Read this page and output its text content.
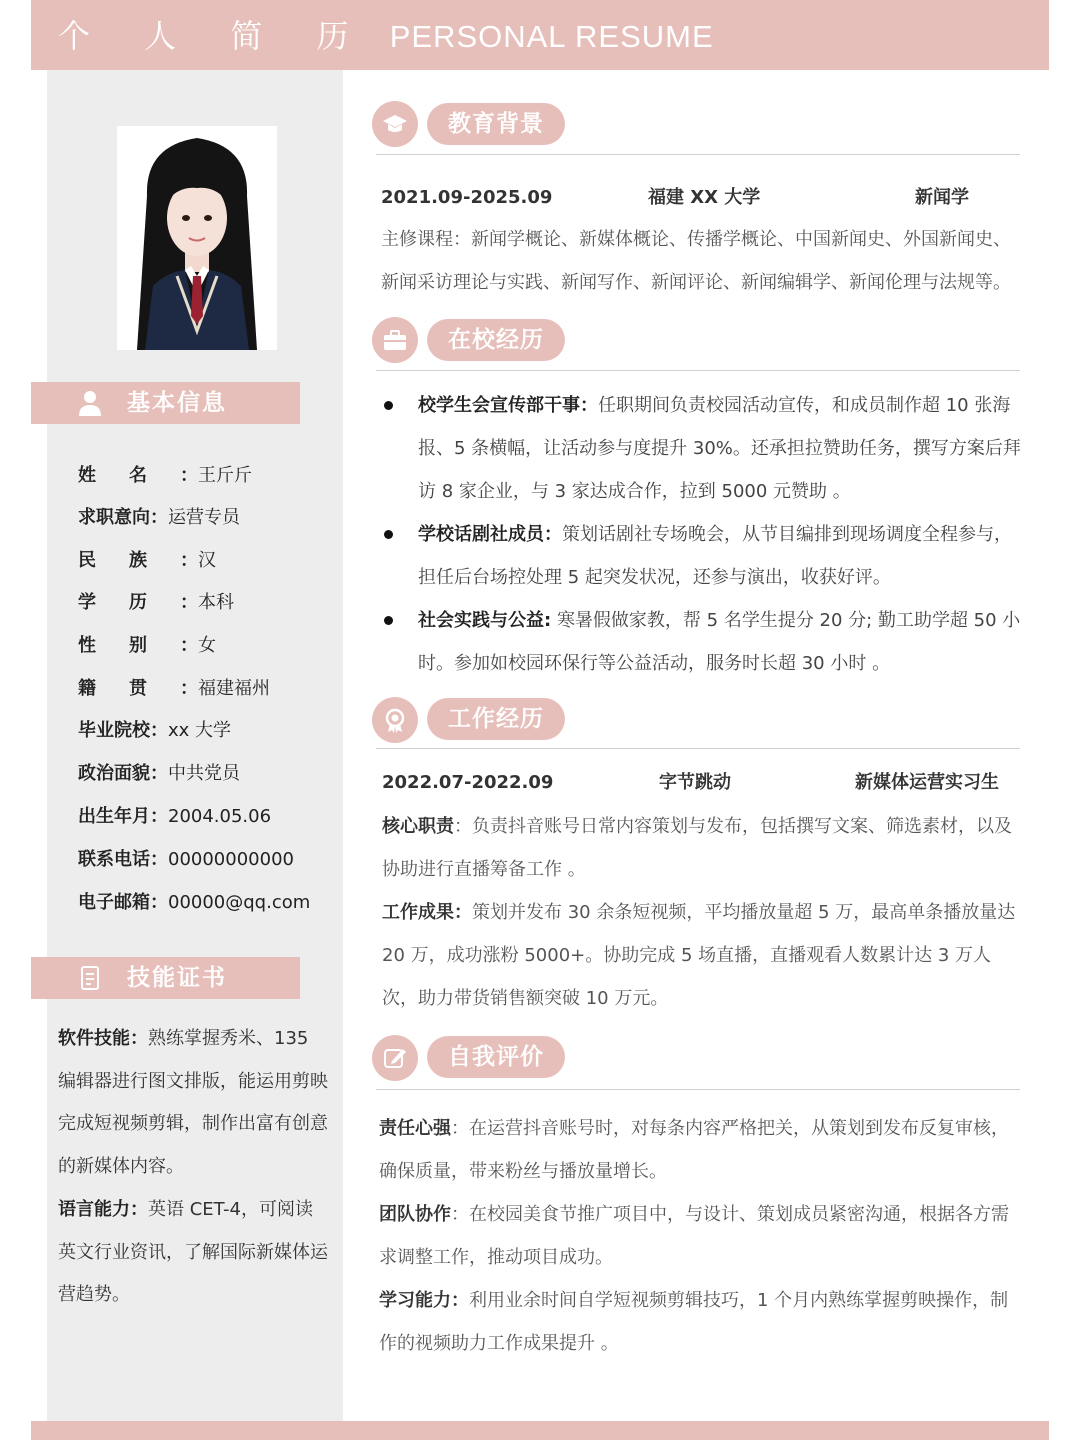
个 人 简 历 PERSONAL RESUME
基本信息
姓名：王斤斤
求职意向：运营专员
民族：汉
学历：本科
性别：女
籍贯：福建福州
毕业院校：xx 大学
政治面貌：中共党员
出生年月：2004.05.06
联系电话：00000000000
电子邮箱：00000@qq.com
技能证书

软件技能：熟练掌握秀米、135 编辑器进行图文排版，能运用剪映完成短视频剪辑，制作出富有创意的新媒体内容。

语言能力：英语 CET-4，可阅读英文行业资讯，了解国际新媒体运营趋势。

教育背景
2021.09-2025.09	福建 XX 大学	新闻学

主修课程：新闻学概论、新媒体概论、传播学概论、中国新闻史、外国新闻史、新闻采访理论与实践、新闻写作、新闻评论、新闻编辑学、新闻伦理与法规等。

在校经历
校学生会宣传部干事：任职期间负责校园活动宣传，和成员制作超 10 张海报、5 条横幅，让活动参与度提升 30%。还承担拉赞助任务，撰写方案后拜访 8 家企业，与 3 家达成合作，拉到 5000 元赞助 。
学校话剧社成员：策划话剧社专场晚会，从节目编排到现场调度全程参与，担任后台场控处理 5 起突发状况，还参与演出，收获好评。
社会实践与公益: 寒暑假做家教，帮 5 名学生提分 20 分; 勤工助学超 50 小时。参加如校园环保行等公益活动，服务时长超 30 小时 。
工作经历
2022.07-2022.09	字节跳动	新媒体运营实习生

核心职责：负责抖音账号日常内容策划与发布，包括撰写文案、筛选素材，以及协助进行直播筹备工作 。

工作成果：策划并发布 30 余条短视频，平均播放量超 5 万，最高单条播放量达 20 万，成功涨粉 5000+。协助完成 5 场直播，直播观看人数累计达 3 万人次，助力带货销售额突破 10 万元。

自我评价

责任心强：在运营抖音账号时，对每条内容严格把关，从策划到发布反复审核，确保质量，带来粉丝与播放量增长。

团队协作：在校园美食节推广项目中，与设计、策划成员紧密沟通，根据各方需求调整工作，推动项目成功。

学习能力：利用业余时间自学短视频剪辑技巧，1 个月内熟练掌握剪映操作，制作的视频助力工作成果提升 。
